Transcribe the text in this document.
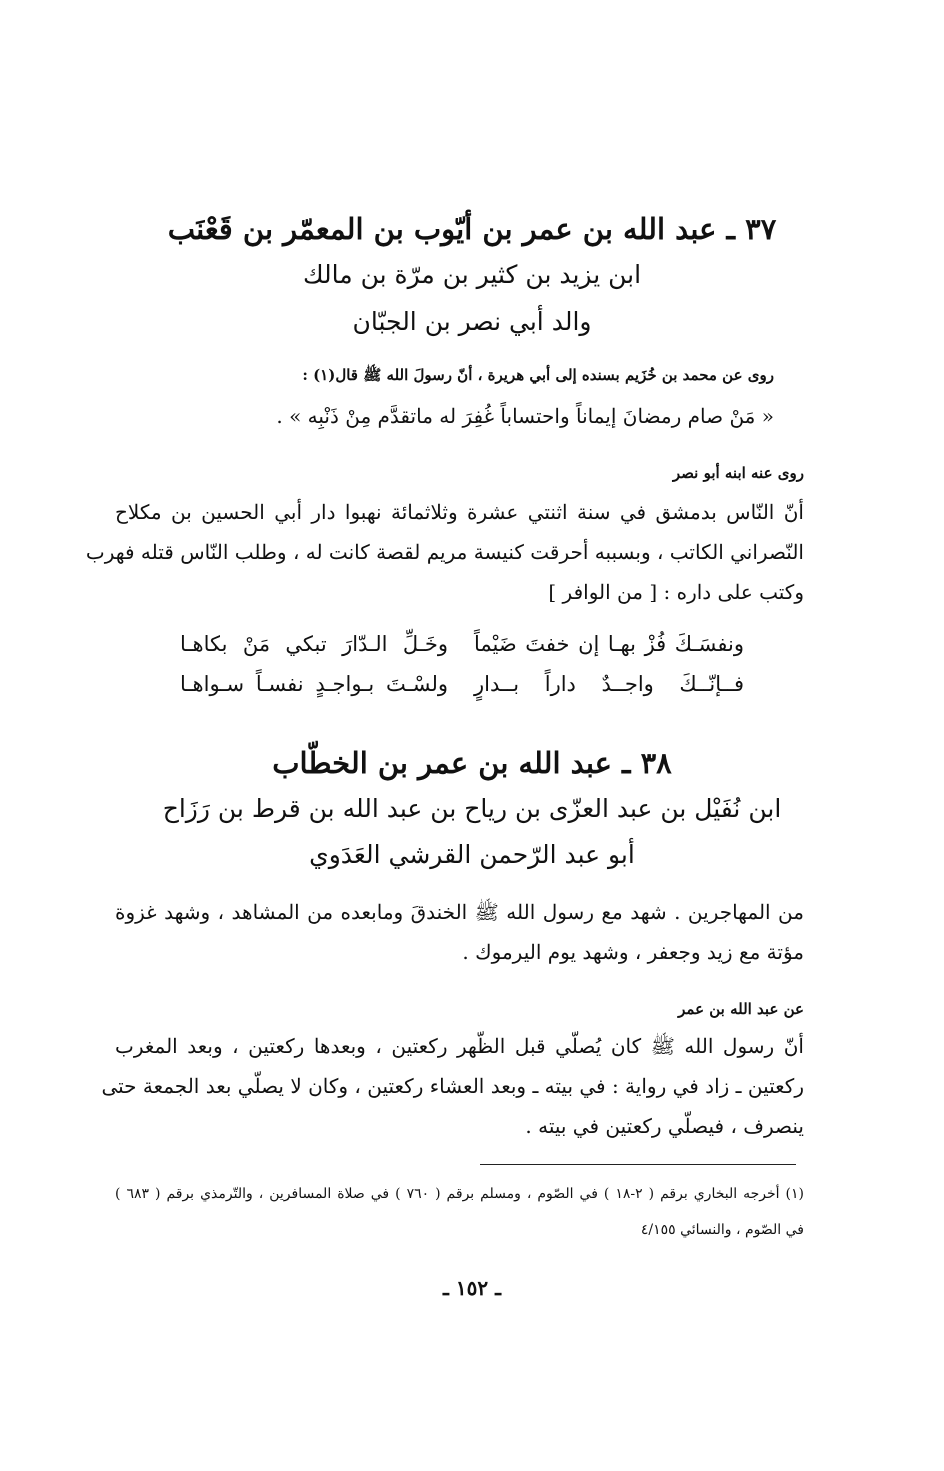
٣٧ ـ عبد الله بن عمر بن أيّوب بن المعمّر بن قَعْنَب
ابن يزيد بن كثير بن مرّة بن مالك
والد أبي نصر بن الجبّان
روى عن محمد بن خُزَيم بسنده إلى أبي هريرة ، أنّ رسولَ الله ﷺ قال(١) :
« مَنْ صام رمضانَ إيماناً واحتساباً غُفِرَ له ماتقدَّم مِنْ ذَنْبِه » .
روى عنه ابنه أبو نصر
أنّ النّاس بدمشق في سنة اثنتي عشرة وثلاثمائة نهبوا دار أبي الحسين بن مكلاح
النّصراني الكاتب ، وبسببه أحرقت كنيسة مريم لقصة كانت له ، وطلب النّاس قتله فهرب
وكتب على داره : [ من الوافر ]
ونفسَـكَ فُزْ بهـا إن خفتَ ضَيْماً
وخَـلِّ الـدّارَ تبكي مَنْ بكاهـا
فــإنّــكَ واجــدٌ داراً بــدارٍ
ولسْـتَ بـواجـدٍ نفسـاً سـواهـا
٣٨ ـ عبد الله بن عمر بن الخطّاب
ابن نُفَيْل بن عبد العزّى بن رياح بن عبد الله بن قرط بن رَزَاح
أبو عبد الرّحمن القرشي العَدَوي
من المهاجرين . شهد مع رسول الله ﷺ الخندقَ ومابعده من المشاهد ، وشهد غزوة
مؤتة مع زيد وجعفر ، وشهد يوم اليرموك .
عن عبد الله بن عمر
أنّ رسول الله ﷺ كان يُصلّي قبل الظّهر ركعتين ، وبعدها ركعتين ، وبعد المغرب
ركعتين ـ زاد في رواية : في بيته ـ وبعد العشاء ركعتين ، وكان لا يصلّي بعد الجمعة حتى
ينصرف ، فيصلّي ركعتين في بيته .
(١) أخرجه البخاري برقم ( ٢-١٨ ) في الصّوم ، ومسلم برقم ( ٧٦٠ ) في صلاة المسافرين ، والتّرمذي برقم ( ٦٨٣ )
في الصّوم ، والنسائي ٤/١٥٥
ـ ١٥٢ ـ
